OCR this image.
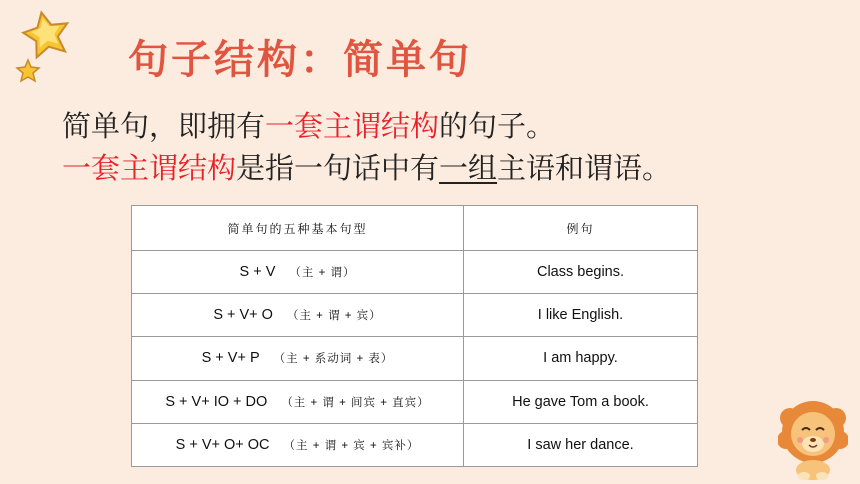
句子结构：简单句
简单句，即拥有一套主谓结构的句子。
一套主谓结构是指一句话中有一组主语和谓语。
简单句的五种基本句型	例句
S + V （主 + 谓）	Class begins.
S + V+ O （主 + 谓 + 宾）	I like English.
S + V+ P （主 + 系动词 + 表）	I am happy.
S + V+ IO + DO （主 + 谓 + 间宾 + 直宾）	He gave Tom a book.
S + V+ O+ OC （主 + 谓 + 宾 + 宾补）	I saw her dance.
